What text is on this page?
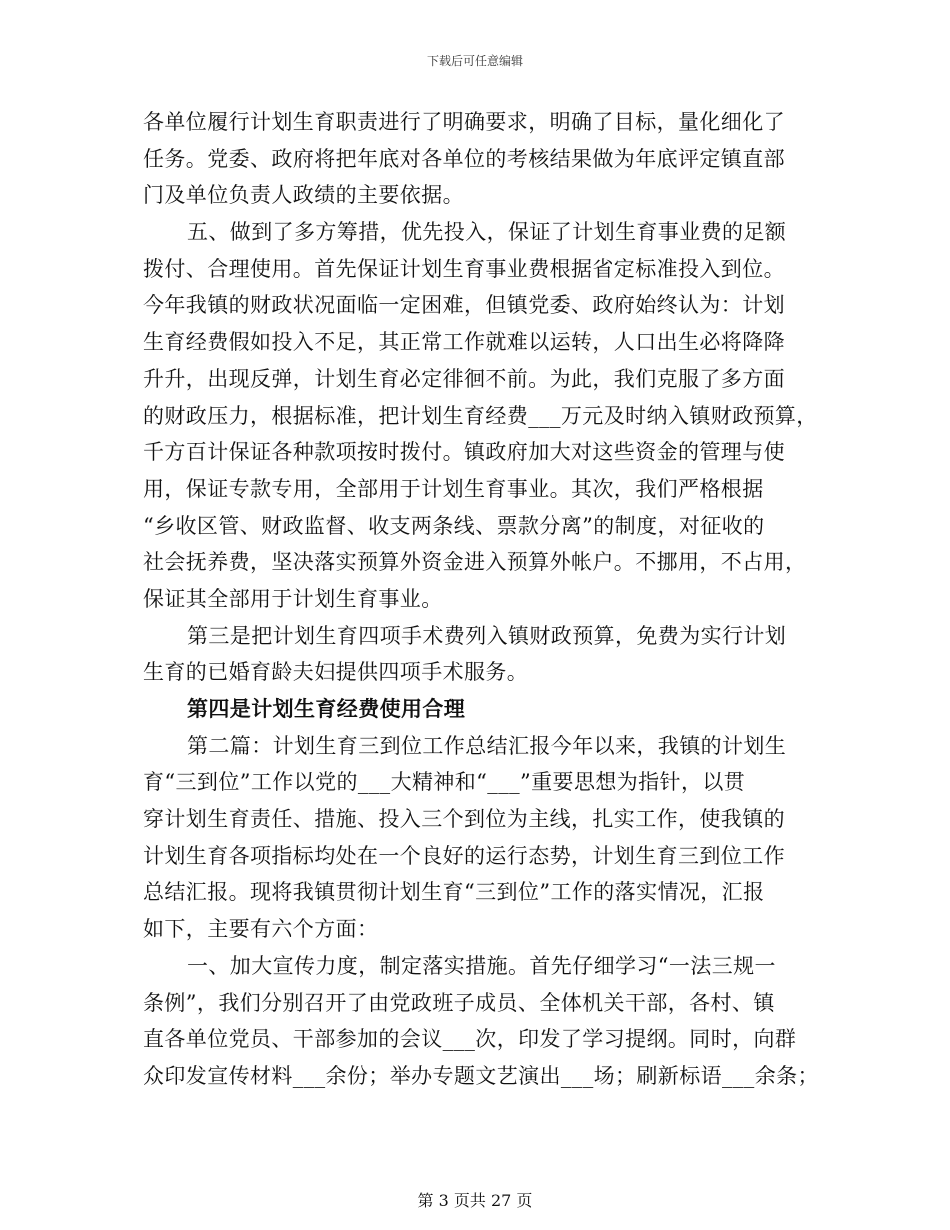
下载后可任意编辑
各单位履行计划生育职责进行了明确要求，明确了目标，量化细化了
任务。党委、政府将把年底对各单位的考核结果做为年底评定镇直部
门及单位负责人政绩的主要依据。
五、做到了多方筹措，优先投入，保证了计划生育事业费的足额
拨付、合理使用。首先保证计划生育事业费根据省定标准投入到位。
今年我镇的财政状况面临一定困难，但镇党委、政府始终认为：计划
生育经费假如投入不足，其正常工作就难以运转，人口出生必将降降
升升，出现反弹，计划生育必定徘徊不前。为此，我们克服了多方面
的财政压力，根据标准，把计划生育经费___万元及时纳入镇财政预算，
千方百计保证各种款项按时拨付。镇政府加大对这些资金的管理与使
用，保证专款专用，全部用于计划生育事业。其次，我们严格根据
“乡收区管、财政监督、收支两条线、票款分离”的制度，对征收的
社会抚养费，坚决落实预算外资金进入预算外帐户。不挪用，不占用，
保证其全部用于计划生育事业。
第三是把计划生育四项手术费列入镇财政预算，免费为实行计划
生育的已婚育龄夫妇提供四项手术服务。
第四是计划生育经费使用合理
第二篇：计划生育三到位工作总结汇报今年以来，我镇的计划生
育“三到位”工作以党的___大精神和“___”重要思想为指针，以贯
穿计划生育责任、措施、投入三个到位为主线，扎实工作，使我镇的
计划生育各项指标均处在一个良好的运行态势，计划生育三到位工作
总结汇报。现将我镇贯彻计划生育“三到位”工作的落实情况，汇报
如下，主要有六个方面：
一、加大宣传力度，制定落实措施。首先仔细学习“一法三规一
条例”，我们分别召开了由党政班子成员、全体机关干部，各村、镇
直各单位党员、干部参加的会议___次，印发了学习提纲。同时，向群
众印发宣传材料___余份；举办专题文艺演出___场；刷新标语___余条；
第 3 页共 27 页
